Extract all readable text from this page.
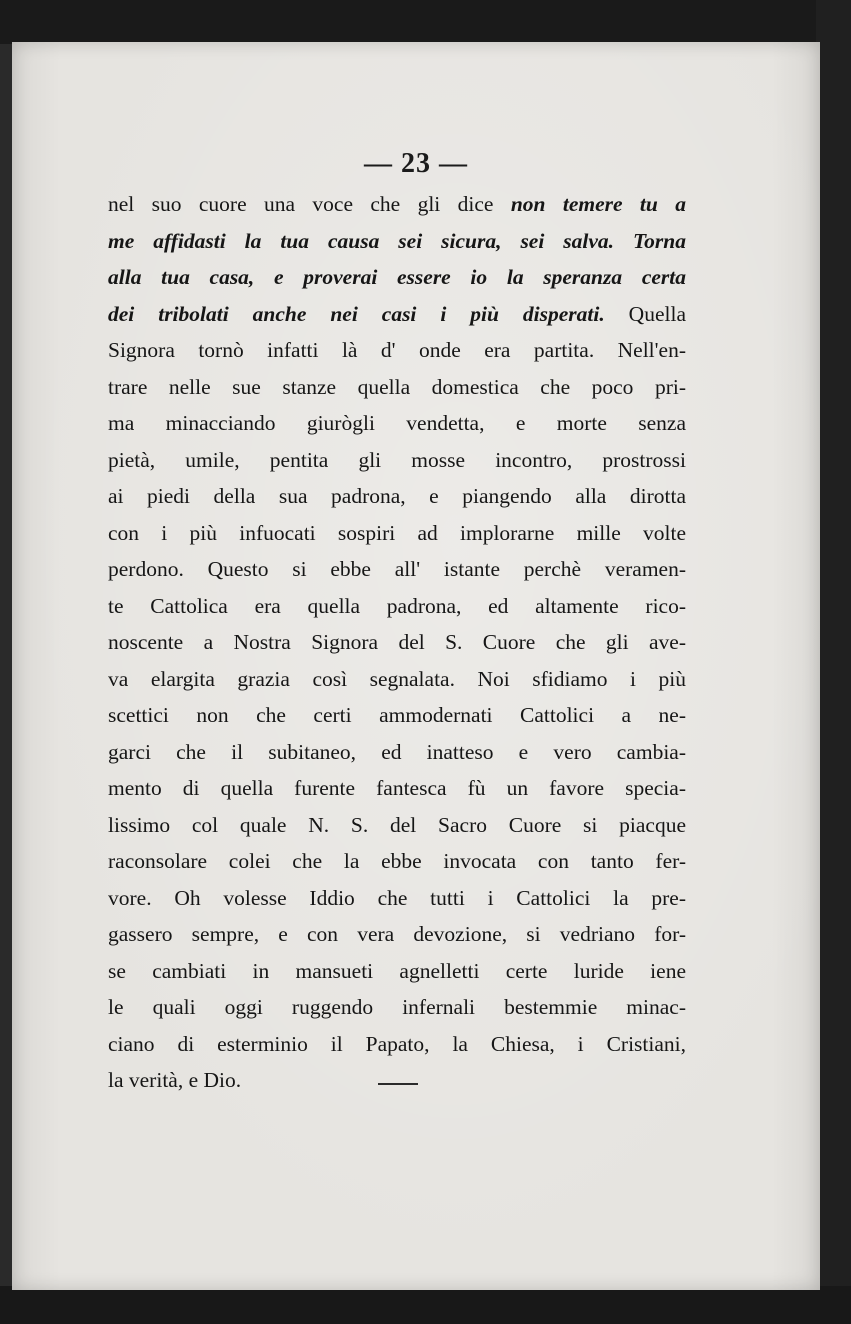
— 23 —
nel suo cuore una voce che gli dice non temere tu a
me affidasti la tua causa sei sicura, sei salva. Torna
alla tua casa, e proverai essere io la speranza certa
dei tribolati anche nei casi i più disperati. Quella
Signora tornò infatti là d' onde era partita. Nell'en-
trare nelle sue stanze quella domestica che poco pri-
ma minacciando giurògli vendetta, e morte senza
pietà, umile, pentita gli mosse incontro, prostrossi
ai piedi della sua padrona, e piangendo alla dirotta
con i più infuocati sospiri ad implorarne mille volte
perdono. Questo si ebbe all' istante perchè veramen-
te Cattolica era quella padrona, ed altamente rico-
noscente a Nostra Signora del S. Cuore che gli ave-
va elargita grazia così segnalata. Noi sfidiamo i più
scettici non che certi ammodernati Cattolici a ne-
garci che il subitaneo, ed inatteso e vero cambia-
mento di quella furente fantesca fù un favore specia-
lissimo col quale N. S. del Sacro Cuore si piacque
raconsolare colei che la ebbe invocata con tanto fer-
vore. Oh volesse Iddio che tutti i Cattolici la pre-
gassero sempre, e con vera devozione, si vedriano for-
se cambiati in mansueti agnelletti certe luride iene
le quali oggi ruggendo infernali bestemmie minac-
ciano di esterminio il Papato, la Chiesa, i Cristiani,
la verità, e Dio.
